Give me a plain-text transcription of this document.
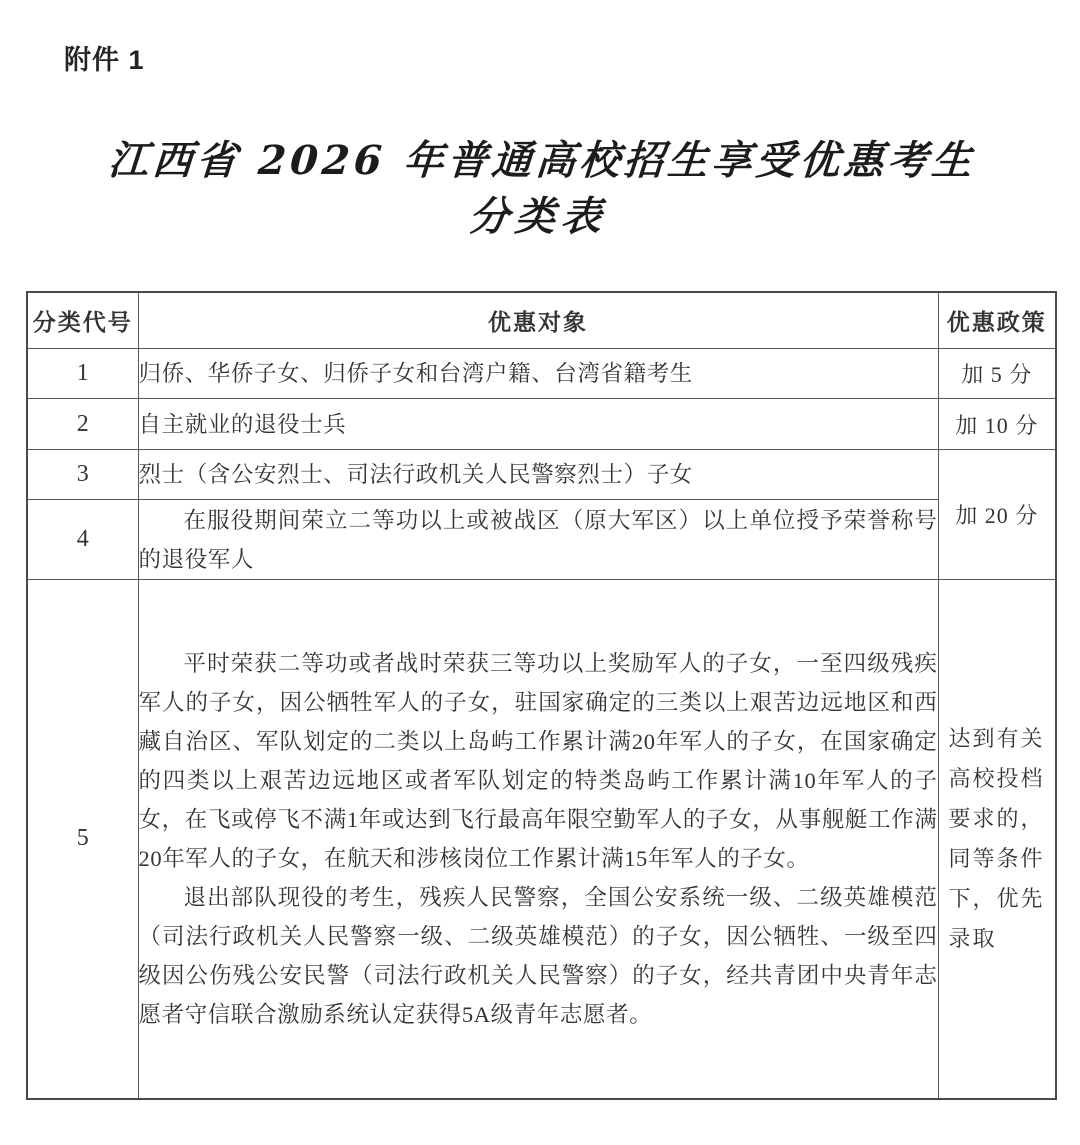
附件 1
江西省 2026 年普通高校招生享受优惠考生
分类表
分类代号	优惠对象	优惠政策
1	归侨、华侨子女、归侨子女和台湾户籍、台湾省籍考生	加 5 分
2	自主就业的退役士兵	加 10 分
3	烈士（含公安烈士、司法行政机关人民警察烈士）子女	加 20 分
4	在服役期间荣立二等功以上或被战区（原大军区）以上单位授予荣誉称号的退役军人	

5	平时荣获二等功或者战时荣获三等功以上奖励军人的子女，一至四级残疾军人的子女，因公牺牲军人的子女，驻国家确定的三类以上艰苦边远地区和西藏自治区、军队划定的二类以上岛屿工作累计满20年军人的子女，在国家确定的四类以上艰苦边远地区或者军队划定的特类岛屿工作累计满10年军人的子女，在飞或停飞不满1年或达到飞行最高年限空勤军人的子女，从事舰艇工作满20年军人的子女，在航天和涉核岗位工作累计满15年军人的子女。

退出部队现役的考生，残疾人民警察，全国公安系统一级、二级英雄模范（司法行政机关人民警察一级、二级英雄模范）的子女，因公牺牲、一级至四级因公伤残公安民警（司法行政机关人民警察）的子女，经共青团中央青年志愿者守信联合激励系统认定获得5A级青年志愿者。	达到有关高校投档要求的，同等条件下，优先录取
